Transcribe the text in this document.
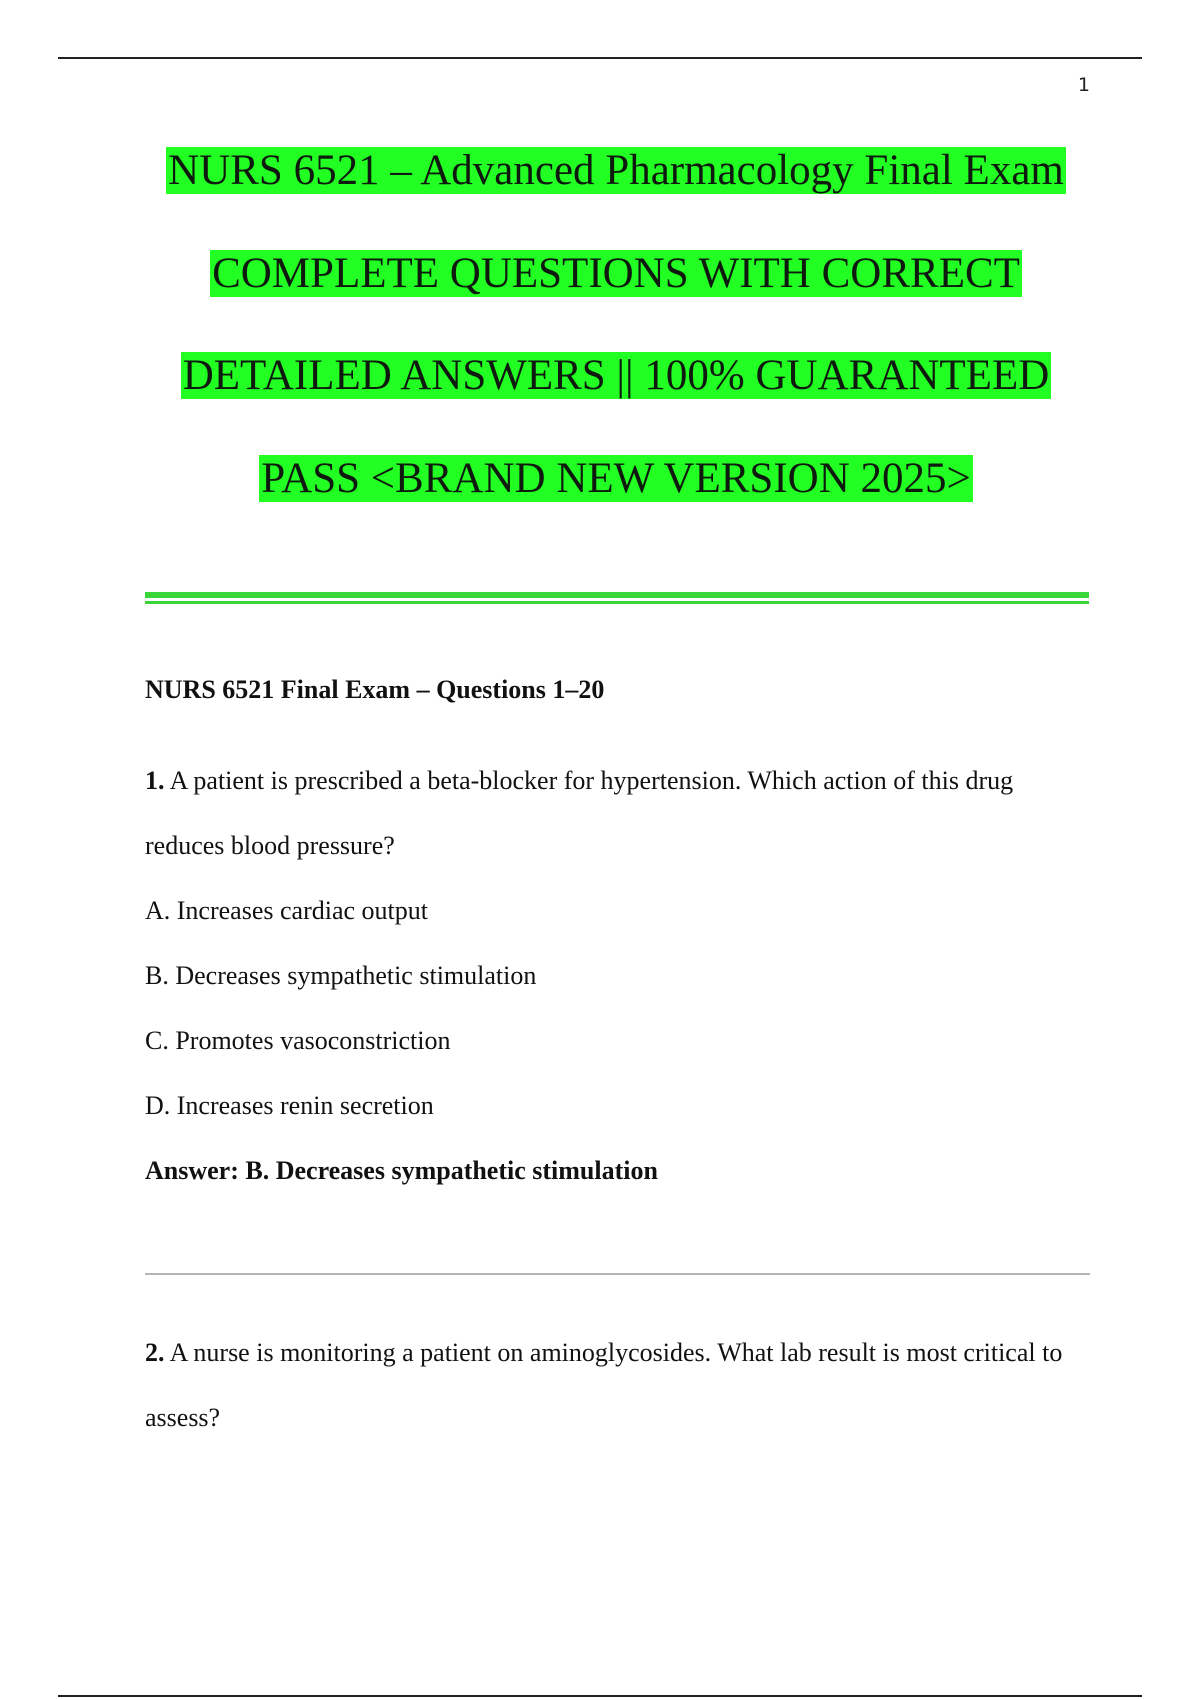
1
NURS 6521 – Advanced Pharmacology Final Exam
COMPLETE QUESTIONS WITH CORRECT
DETAILED ANSWERS || 100% GUARANTEED
PASS <BRAND NEW VERSION 2025>

NURS 6521 Final Exam – Questions 1–20

1. A patient is prescribed a beta-blocker for hypertension. Which action of this drug reduces blood pressure?

A. Increases cardiac output

B. Decreases sympathetic stimulation

C. Promotes vasoconstriction

D. Increases renin secretion

Answer: B. Decreases sympathetic stimulation

2. A nurse is monitoring a patient on aminoglycosides. What lab result is most critical to assess?
